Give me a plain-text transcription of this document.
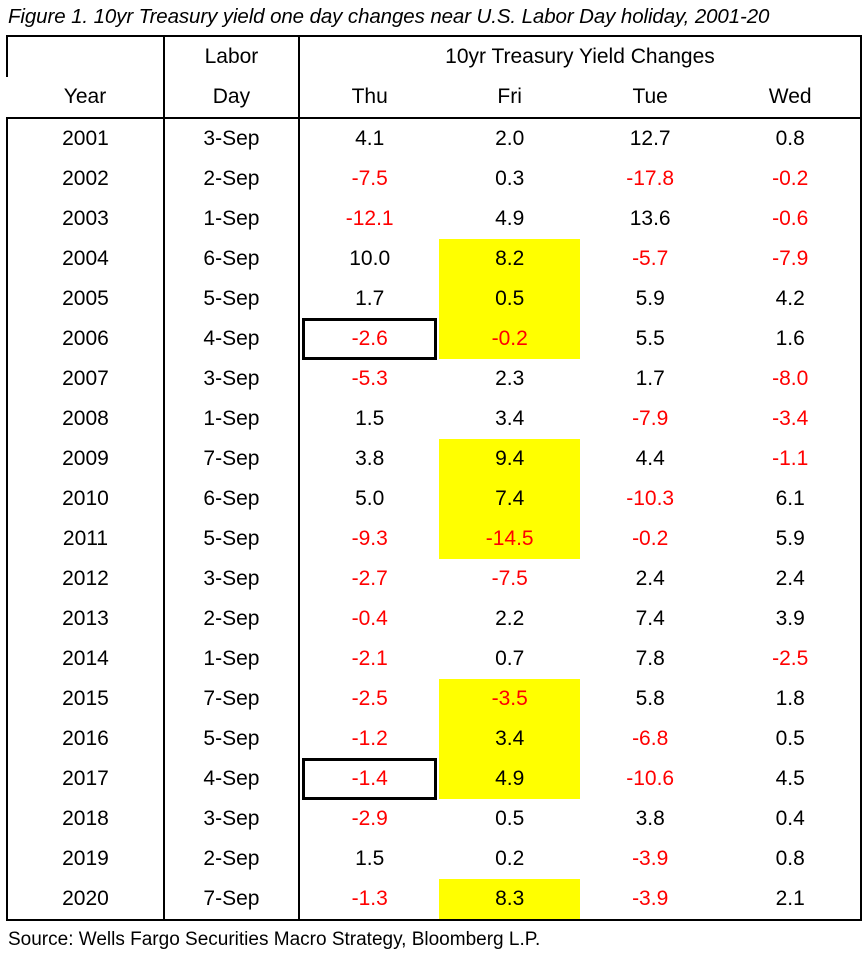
Figure 1. 10yr Treasury yield one day changes near U.S. Labor Day holiday, 2001-20
	Labor	10yr Treasury Yield Changes			
Year	Day	Thu	Fri	Tue	Wed
2001	3-Sep	4.1	2.0	12.7	0.8
2002	2-Sep	-7.5	0.3	-17.8	-0.2
2003	1-Sep	-12.1	4.9	13.6	-0.6
2004	6-Sep	10.0	8.2	-5.7	-7.9
2005	5-Sep	1.7	0.5	5.9	4.2
2006	4-Sep	-2.6	-0.2	5.5	1.6
2007	3-Sep	-5.3	2.3	1.7	-8.0
2008	1-Sep	1.5	3.4	-7.9	-3.4
2009	7-Sep	3.8	9.4	4.4	-1.1
2010	6-Sep	5.0	7.4	-10.3	6.1
2011	5-Sep	-9.3	-14.5	-0.2	5.9
2012	3-Sep	-2.7	-7.5	2.4	2.4
2013	2-Sep	-0.4	2.2	7.4	3.9
2014	1-Sep	-2.1	0.7	7.8	-2.5
2015	7-Sep	-2.5	-3.5	5.8	1.8
2016	5-Sep	-1.2	3.4	-6.8	0.5
2017	4-Sep	-1.4	4.9	-10.6	4.5
2018	3-Sep	-2.9	0.5	3.8	0.4
2019	2-Sep	1.5	0.2	-3.9	0.8
2020	7-Sep	-1.3	8.3	-3.9	2.1
Source: Wells Fargo Securities Macro Strategy, Bloomberg L.P.
